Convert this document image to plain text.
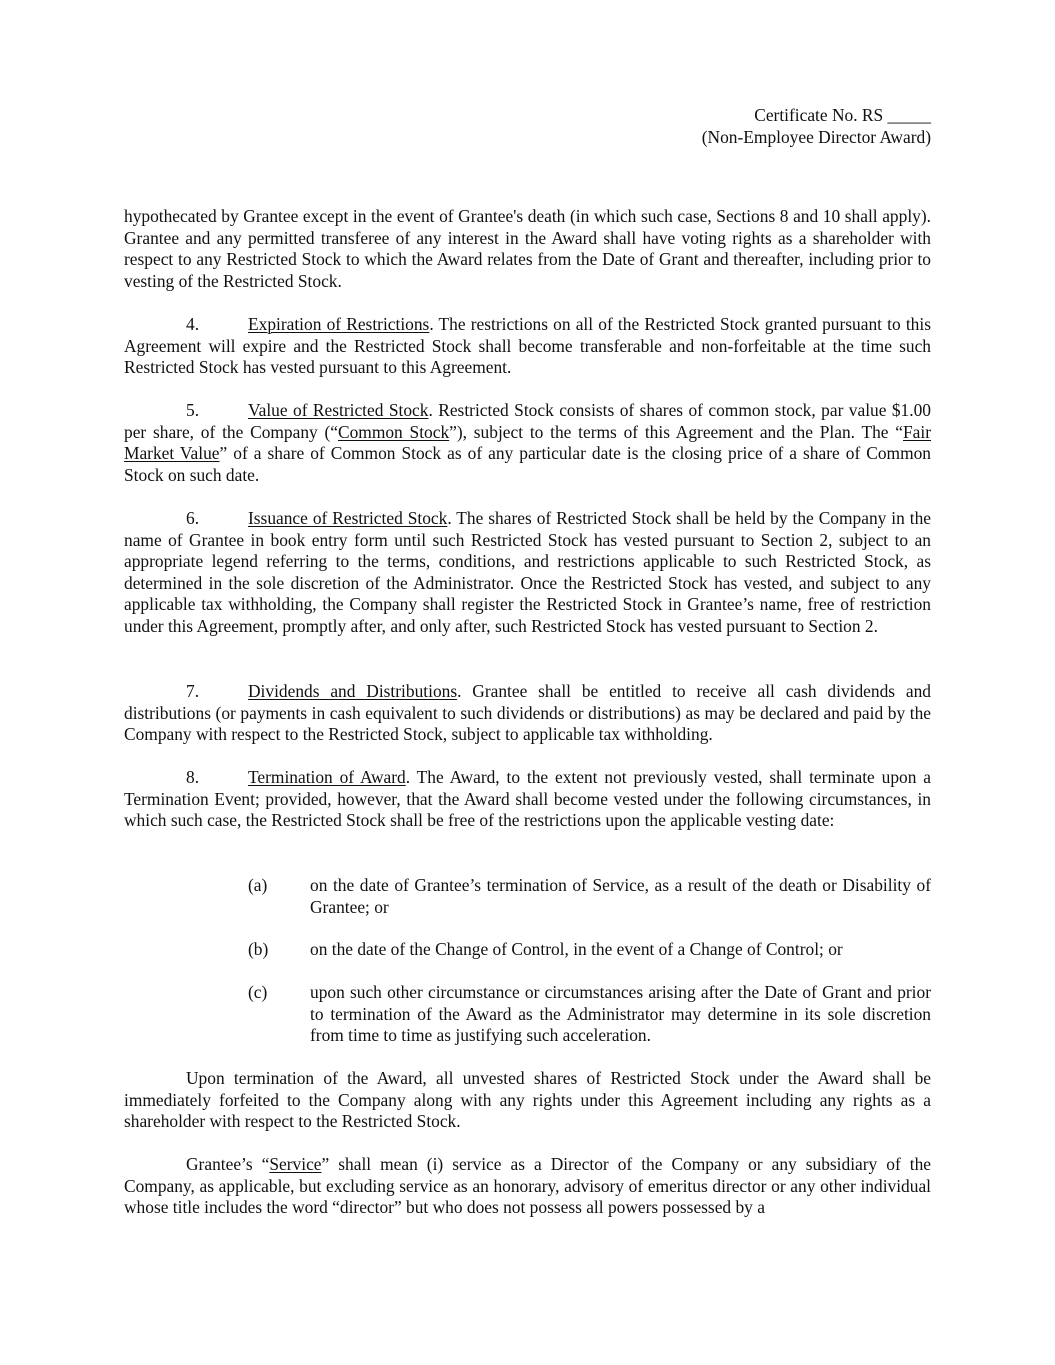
Certificate No. RS _____
(Non-Employee Director Award)

hypothecated by Grantee except in the event of Grantee's death (in which such case, Sections 8 and 10 shall apply). Grantee and any permitted transferee of any interest in the Award shall have voting rights as a shareholder with respect to any Restricted Stock to which the Award relates from the Date of Grant and thereafter, including prior to vesting of the Restricted Stock.

4.	Expiration of Restrictions. The restrictions on all of the Restricted Stock granted pursuant to this Agreement will expire and the Restricted Stock shall become transferable and non-forfeitable at the time such Restricted Stock has vested pursuant to this Agreement.

5.	Value of Restricted Stock. Restricted Stock consists of shares of common stock, par value $1.00 per share, of the Company (“Common Stock”), subject to the terms of this Agreement and the Plan. The “Fair Market Value” of a share of Common Stock as of any particular date is the closing price of a share of Common Stock on such date.

6.	Issuance of Restricted Stock. The shares of Restricted Stock shall be held by the Company in the name of Grantee in book entry form until such Restricted Stock has vested pursuant to Section 2, subject to an appropriate legend referring to the terms, conditions, and restrictions applicable to such Restricted Stock, as determined in the sole discretion of the Administrator. Once the Restricted Stock has vested, and subject to any applicable tax withholding, the Company shall register the Restricted Stock in Grantee’s name, free of restriction under this Agreement, promptly after, and only after, such Restricted Stock has vested pursuant to Section 2.

7.	Dividends and Distributions. Grantee shall be entitled to receive all cash dividends and distributions (or payments in cash equivalent to such dividends or distributions) as may be declared and paid by the Company with respect to the Restricted Stock, subject to applicable tax withholding.

8.	Termination of Award. The Award, to the extent not previously vested, shall terminate upon a Termination Event; provided, however, that the Award shall become vested under the following circumstances, in which such case, the Restricted Stock shall be free of the restrictions upon the applicable vesting date:

(a) on the date of Grantee’s termination of Service, as a result of the death or Disability of Grantee; or
(b) on the date of the Change of Control, in the event of a Change of Control; or
(c) upon such other circumstance or circumstances arising after the Date of Grant and prior to termination of the Award as the Administrator may determine in its sole discretion from time to time as justifying such acceleration.

Upon termination of the Award, all unvested shares of Restricted Stock under the Award shall be immediately forfeited to the Company along with any rights under this Agreement including any rights as a shareholder with respect to the Restricted Stock.

Grantee’s “Service” shall mean (i) service as a Director of the Company or any subsidiary of the Company, as applicable, but excluding service as an honorary, advisory of emeritus director or any other individual whose title includes the word “director” but who does not possess all powers possessed by a
